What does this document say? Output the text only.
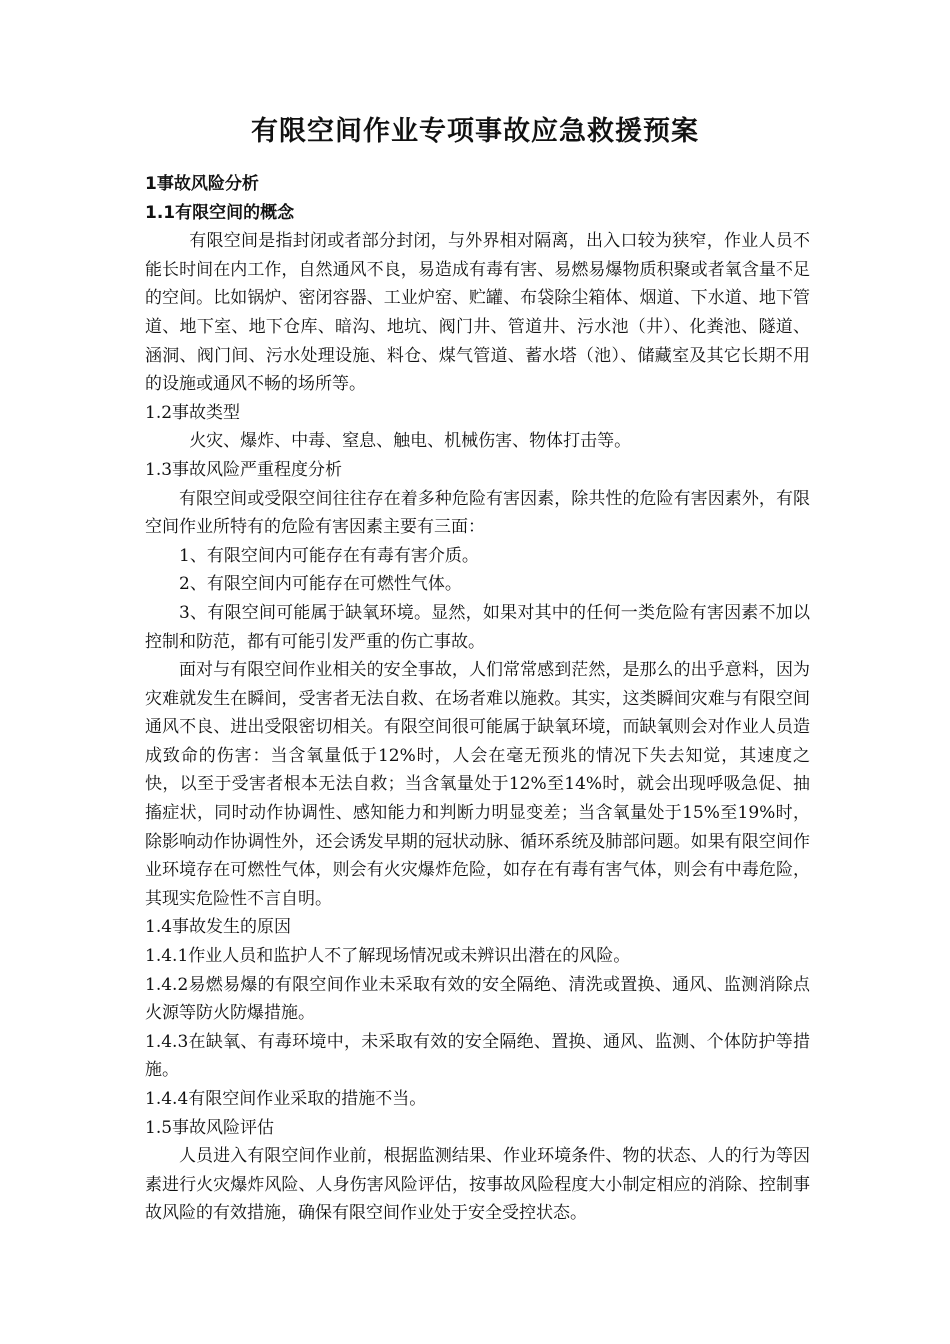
有限空间作业专项事故应急救援预案

1事故风险分析

1.1有限空间的概念

有限空间是指封闭或者部分封闭，与外界相对隔离，出入口较为狭窄，作业人员不能长时间在内工作，自然通风不良，易造成有毒有害、易燃易爆物质积聚或者氧含量不足的空间。比如锅炉、密闭容器、工业炉窑、贮罐、布袋除尘箱体、烟道、下水道、地下管道、地下室、地下仓库、暗沟、地坑、阀门井、管道井、污水池（井）、化粪池、隧道、涵洞、阀门间、污水处理设施、料仓、煤气管道、蓄水塔（池）、储藏室及其它长期不用的设施或通风不畅的场所等。

1.2事故类型

火灾、爆炸、中毒、窒息、触电、机械伤害、物体打击等。

1.3事故风险严重程度分析

有限空间或受限空间往往存在着多种危险有害因素，除共性的危险有害因素外，有限空间作业所特有的危险有害因素主要有三面：

1、有限空间内可能存在有毒有害介质。

2、有限空间内可能存在可燃性气体。

3、有限空间可能属于缺氧环境。显然，如果对其中的任何一类危险有害因素不加以控制和防范，都有可能引发严重的伤亡事故。

面对与有限空间作业相关的安全事故，人们常常感到茫然，是那么的出乎意料，因为灾难就发生在瞬间，受害者无法自救、在场者难以施救。其实，这类瞬间灾难与有限空间通风不良、进出受限密切相关。有限空间很可能属于缺氧环境，而缺氧则会对作业人员造成致命的伤害：当含氧量低于12%时，人会在毫无预兆的情况下失去知觉，其速度之快，以至于受害者根本无法自救；当含氧量处于12%至14%时，就会出现呼吸急促、抽搐症状，同时动作协调性、感知能力和判断力明显变差；当含氧量处于15%至19%时，除影响动作协调性外，还会诱发早期的冠状动脉、循环系统及肺部问题。如果有限空间作业环境存在可燃性气体，则会有火灾爆炸危险，如存在有毒有害气体，则会有中毒危险，其现实危险性不言自明。

1.4事故发生的原因

1.4.1作业人员和监护人不了解现场情况或未辨识出潜在的风险。

1.4.2易燃易爆的有限空间作业未采取有效的安全隔绝、清洗或置换、通风、监测消除点火源等防火防爆措施。

1.4.3在缺氧、有毒环境中，未采取有效的安全隔绝、置换、通风、监测、个体防护等措施。

1.4.4有限空间作业采取的措施不当。

1.5事故风险评估

人员进入有限空间作业前，根据监测结果、作业环境条件、物的状态、人的行为等因素进行火灾爆炸风险、人身伤害风险评估，按事故风险程度大小制定相应的消除、控制事故风险的有效措施，确保有限空间作业处于安全受控状态。
